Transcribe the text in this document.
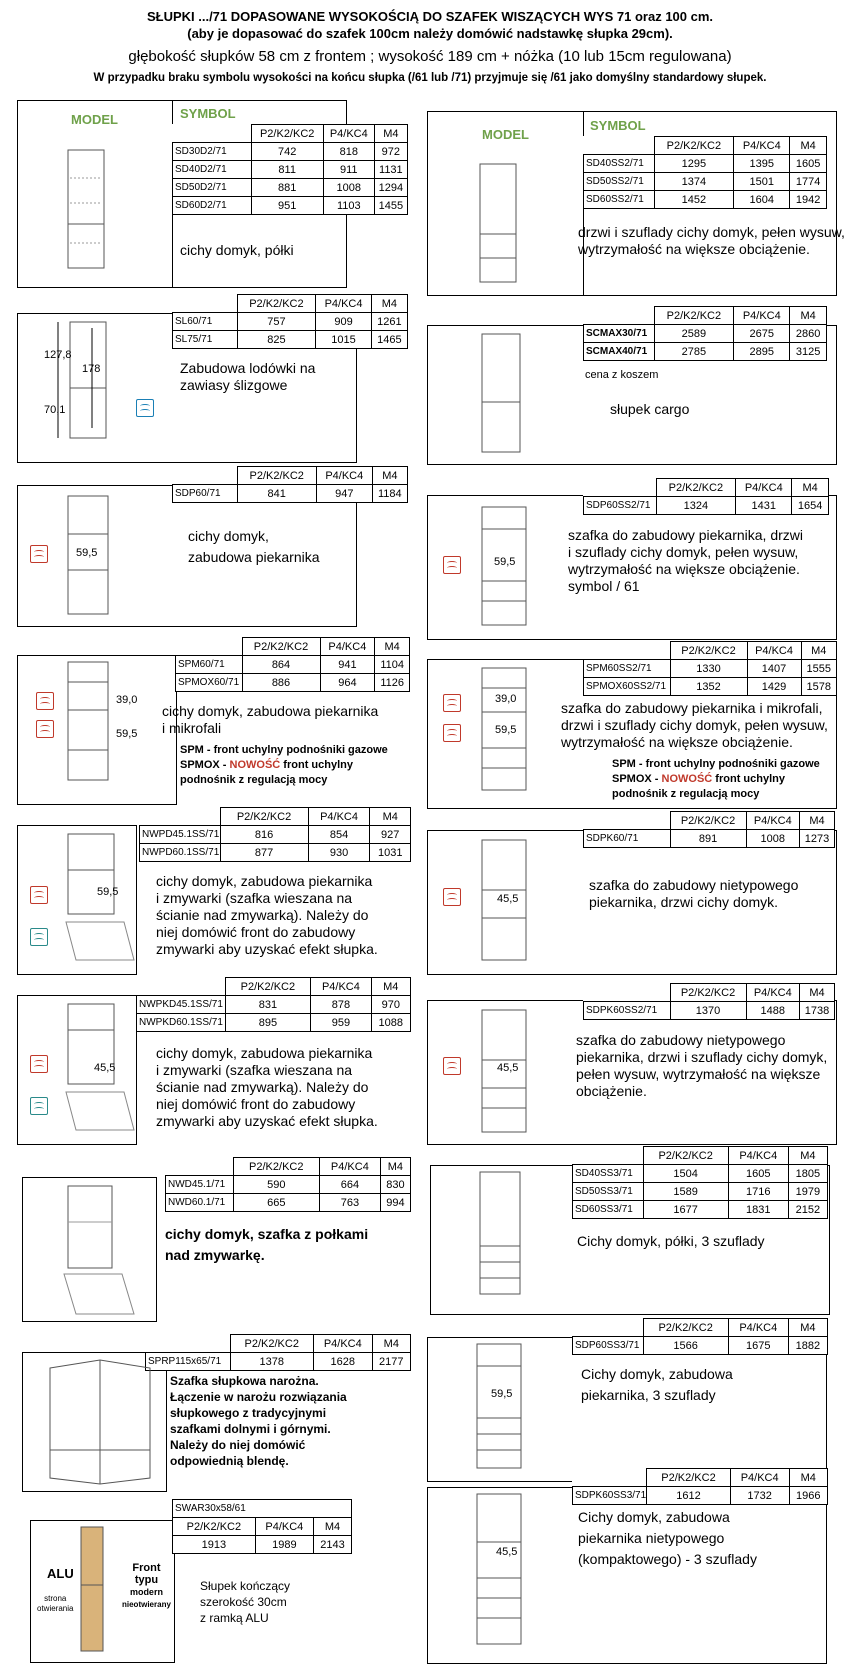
SŁUPKI .../71 DOPASOWANE WYSOKOŚCIĄ DO SZAFEK WISZĄCYCH WYS 71 oraz 100 cm.
(aby je dopasować do szafek 100cm należy domówić nadstawkę słupka 29cm).
głębokość słupków 58 cm z frontem ; wysokość 189 cm + nóżka (10 lub 15cm regulowana)
W przypadku braku symbolu wysokości na końcu słupka (/61 lub /71) przyjmuje się /61 jako domyślny standardowy słupek.
MODEL	SYMBOL
	P2/K2/KC2	P4/KC4	M4
SD30D2/71	742	818	972
SD40D2/71	811	911	1131
SD50D2/71	881	1008	1294
SD60D2/71	951	1103	1455
cichy domyk, półki
	P2/K2/KC2	P4/KC4	M4
SL60/71	757	909	1261
SL75/71	825	1015	1465
127,8
178
70,1
Zabudowa lodówki na
zawiasy ślizgowe
	P2/K2/KC2	P4/KC4	M4
SDP60/71	841	947	1184
59,5
cichy domyk,
zabudowa piekarnika
	P2/K2/KC2	P4/KC4	M4
SPM60/71	864	941	1104
SPMOX60/71	886	964	1126
39,0
59,5
cichy domyk, zabudowa piekarnika
i mikrofali
SPM - front uchylny podnośniki gazowe
SPMOX - NOWOŚĆ front uchylny
podnośnik z regulacją mocy
	P2/K2/KC2	P4/KC4	M4
NWPD45.1SS/71	816	854	927
NWPD60.1SS/71	877	930	1031
59,5
cichy domyk, zabudowa piekarnika
i zmywarki (szafka wieszana na
ścianie nad zmywarką). Należy do
niej domówić front do zabudowy
zmywarki aby uzyskać efekt słupka.
	P2/K2/KC2	P4/KC4	M4
NWPKD45.1SS/71	831	878	970
NWPKD60.1SS/71	895	959	1088
45,5
cichy domyk, zabudowa piekarnika
i zmywarki (szafka wieszana na
ścianie nad zmywarką). Należy do
niej domówić front do zabudowy
zmywarki aby uzyskać efekt słupka.
	P2/K2/KC2	P4/KC4	M4
NWD45.1/71	590	664	830
NWD60.1/71	665	763	994
cichy domyk, szafka z połkami
nad zmywarkę.
	P2/K2/KC2	P4/KC4	M4
SPRP115x65/71	1378	1628	2177
Szafka słupkowa narożna.
Łączenie w narożu rozwiązania
słupkowego z tradycyjnymi
szafkami dolnymi i górnymi.
Należy do niej domówić
odpowiednią blendę.
SWAR30x58/61		
P2/K2/KC2	P4/KC4	M4
1913	1989	2143
ALU
strona
otwierania
Front
typu
modern
nieotwierany
Słupek kończący
szerokość 30cm
z ramką ALU
MODEL
SYMBOL
	P2/K2/KC2	P4/KC4	M4
SD40SS2/71	1295	1395	1605
SD50SS2/71	1374	1501	1774
SD60SS2/71	1452	1604	1942
drzwi i szuflady cichy domyk, pełen wysuw,
wytrzymałość na większe obciążenie.
	P2/K2/KC2	P4/KC4	M4
SCMAX30/71	2589	2675	2860
SCMAX40/71	2785	2895	3125
cena z koszem
słupek cargo
	P2/K2/KC2	P4/KC4	M4
SDP60SS2/71	1324	1431	1654
59,5
szafka do zabudowy piekarnika, drzwi
i szuflady cichy domyk, pełen wysuw,
wytrzymałość na większe obciążenie.
symbol / 61
	P2/K2/KC2	P4/KC4	M4
SPM60SS2/71	1330	1407	1555
SPMOX60SS2/71	1352	1429	1578
39,0
59,5
szafka do zabudowy piekarnika i mikrofali,
drzwi i szuflady cichy domyk, pełen wysuw,
wytrzymałość na większe obciążenie.
SPM - front uchylny podnośniki gazowe
SPMOX - NOWOŚĆ front uchylny
podnośnik z regulacją mocy
	P2/K2/KC2	P4/KC4	M4
SDPK60/71	891	1008	1273
45,5
szafka do zabudowy nietypowego
piekarnika, drzwi cichy domyk.
	P2/K2/KC2	P4/KC4	M4
SDPK60SS2/71	1370	1488	1738
45,5
szafka do zabudowy nietypowego
piekarnika, drzwi i szuflady cichy domyk,
pełen wysuw, wytrzymałość na większe
obciążenie.
	P2/K2/KC2	P4/KC4	M4
SD40SS3/71	1504	1605	1805
SD50SS3/71	1589	1716	1979
SD60SS3/71	1677	1831	2152
Cichy domyk, półki, 3 szuflady
	P2/K2/KC2	P4/KC4	M4
SDP60SS3/71	1566	1675	1882
59,5
Cichy domyk, zabudowa
piekarnika, 3 szuflady
	P2/K2/KC2	P4/KC4	M4
SDPK60SS3/71	1612	1732	1966
45,5
Cichy domyk, zabudowa
piekarnika nietypowego
(kompaktowego) - 3 szuflady
